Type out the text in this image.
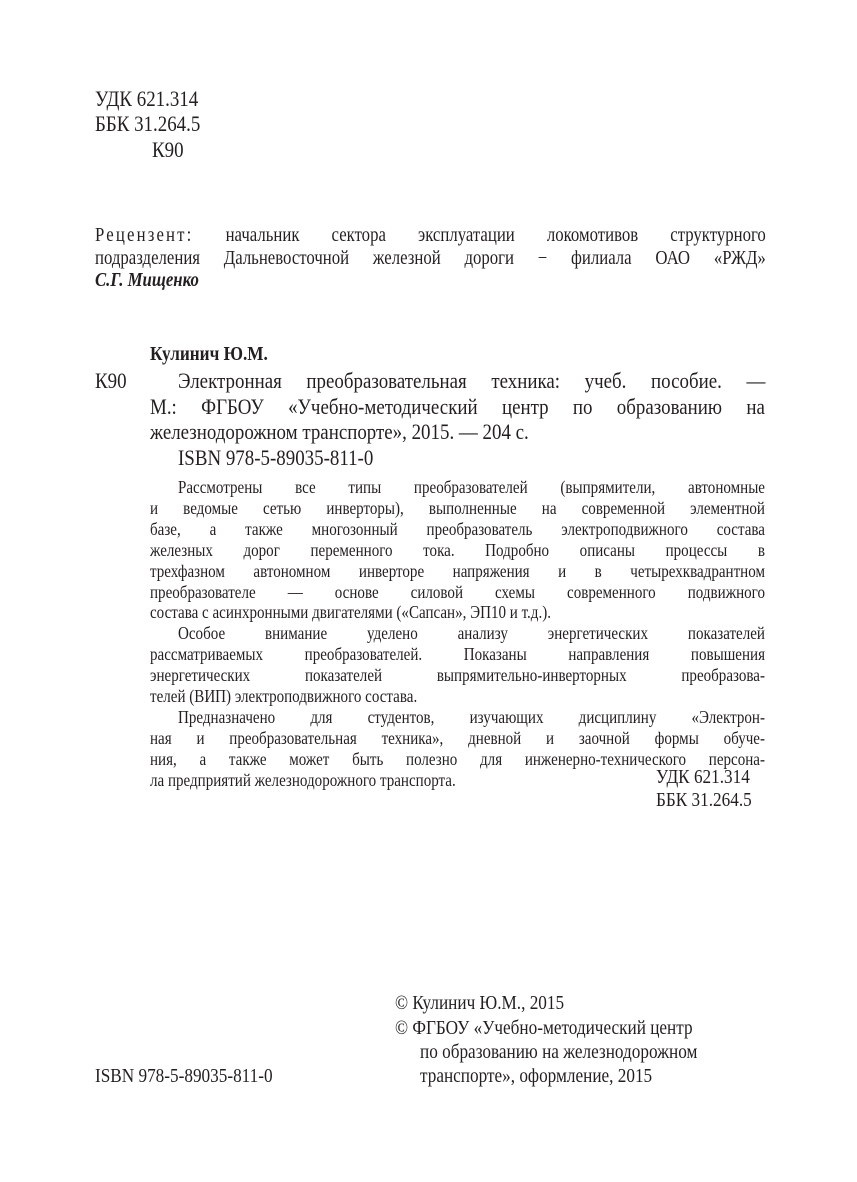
УДК 621.314
ББК 31.264.5
К90
Рецензент: начальник сектора эксплуатации локомотивов структурного
подразделения Дальневосточной железной дороги − филиала ОАО «РЖД»
С.Г. Мищенко
Кулинич Ю.М.
К90 Электронная преобразовательная техника: учеб. пособие. —
М.: ФГБОУ «Учебно-методический центр по образованию на
железнодорожном транспорте», 2015. — 204 с.
ISBN 978-5-89035-811-0
Рассмотрены все типы преобразователей (выпрямители, автономные
и ведомые сетью инверторы), выполненные на современной элементной
базе, а также многозонный преобразователь электроподвижного состава
железных дорог переменного тока. Подробно описаны процессы в
трехфазном автономном инверторе напряжения и в четырехквадрантном
преобразователе — основе силовой схемы современного подвижного
состава с асинхронными двигателями («Сапсан», ЭП10 и т.д.).
Особое внимание уделено анализу энергетических показателей
рассматриваемых преобразователей. Показаны направления повышения
энергетических показателей выпрямительно-инверторных преобразова-
телей (ВИП) электроподвижного состава.
Предназначено для студентов, изучающих дисциплину «Электрон-
ная и преобразовательная техника», дневной и заочной формы обуче-
ния, а также может быть полезно для инженерно-технического персона-
ла предприятий железнодорожного транспорта.	УДК 621.314
ББК 31.264.5
© Кулинич Ю.М., 2015
© ФГБОУ «Учебно-методический центр
по образованию на железнодорожном
транспорте», оформление, 2015
ISBN 978-5-89035-811-0
